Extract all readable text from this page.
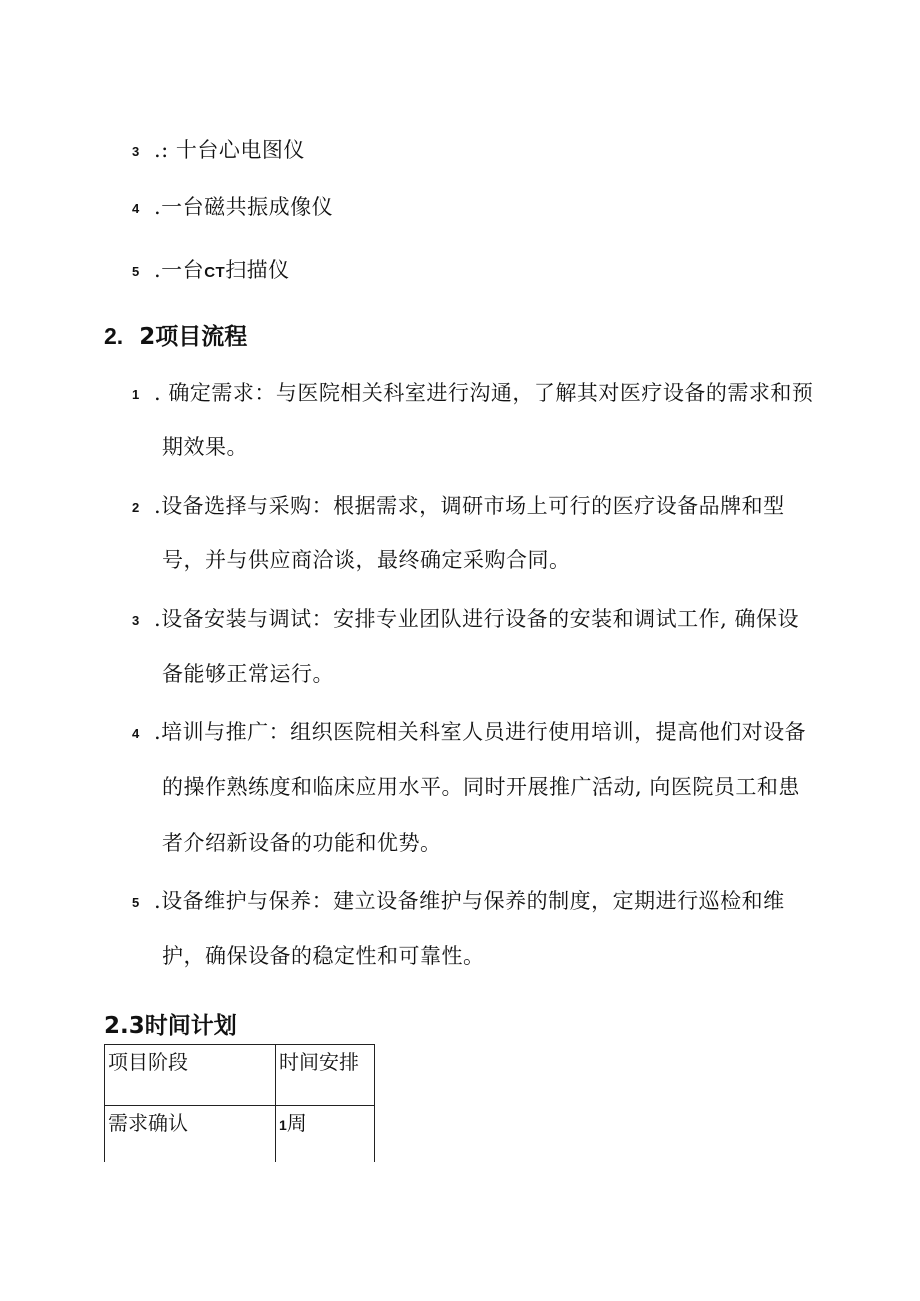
3 .: 十台心电图仪
4 .一台磁共振成像仪
5 .一台CT扫描仪
2. 2项目流程
1 . 确定需求：与医院相关科室进行沟通，了解其对医疗设备的需求和预
期效果。
2 .设备选择与采购：根据需求，调研市场上可行的医疗设备品牌和型
号，并与供应商洽谈，最终确定采购合同。
3 .设备安装与调试：安排专业团队进行设备的安装和调试工作, 确保设
备能够正常运行。
4 .培训与推广：组织医院相关科室人员进行使用培训，提高他们对设备
的操作熟练度和临床应用水平。同时开展推广活动, 向医院员工和患
者介绍新设备的功能和优势。
5 .设备维护与保养：建立设备维护与保养的制度，定期进行巡检和维
护，确保设备的稳定性和可靠性。
2.3时间计划
项目阶段	时间安排
需求确认	1周
